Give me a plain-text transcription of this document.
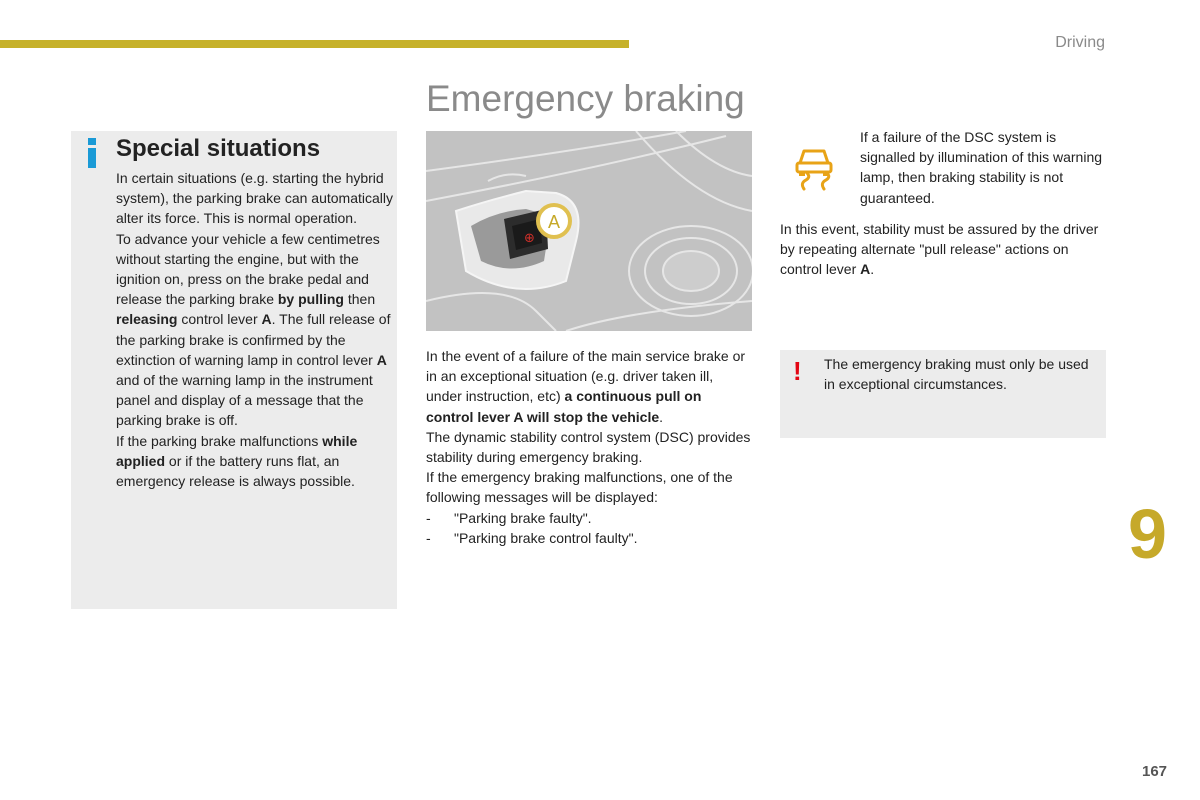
Driving
Emergency braking
Special situations

In certain situations (e.g. starting the hybrid system), the parking brake can automatically alter its force. This is normal operation.

To advance your vehicle a few centimetres without starting the engine, but with the ignition on, press on the brake pedal and release the parking brake by pulling then releasing control lever A. The full release of the parking brake is confirmed by the extinction of warning lamp in control lever A and of the warning lamp in the instrument panel and display of a message that the parking brake is off.

If the parking brake malfunctions while applied or if the battery runs flat, an emergency release is always possible.

⊕
A

In the event of a failure of the main service brake or in an exceptional situation (e.g. driver taken ill, under instruction, etc) a continuous pull on control lever A will stop the vehicle.

The dynamic stability control system (DSC) provides stability during emergency braking.

If the emergency braking malfunctions, one of the following messages will be displayed:

- "Parking brake faulty".

- "Parking brake control faulty".

If a failure of the DSC system is signalled by illumination of this warning lamp, then braking stability is not guaranteed.
In this event, stability must be assured by the driver by repeating alternate "pull release" actions on control lever A.
! The emergency braking must only be used in exceptional circumstances.
9
167
